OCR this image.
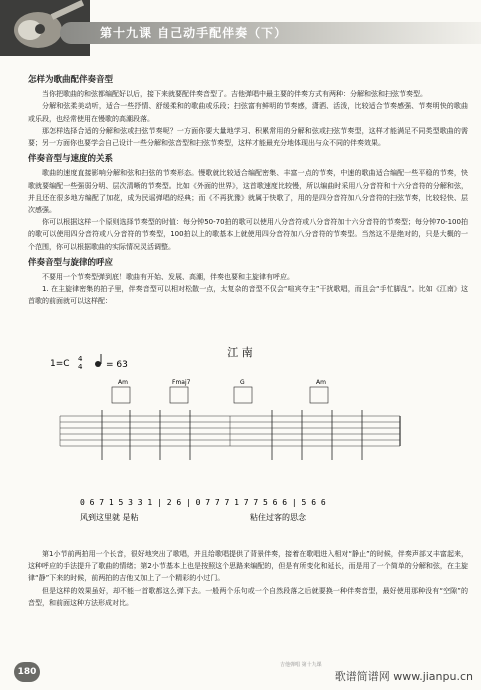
第十九课 自己动手配伴奏（下）
怎样为歌曲配伴奏音型

当你把歌曲的和弦都编配好以后，接下来就要配伴奏音型了。吉他弹唱中最主要的伴奏方式有两种：分解和弦和扫弦节奏型。

分解和弦柔美动听，适合一些抒情、舒缓柔和的歌曲或乐段；扫弦富有鲜明的节奏感，潇洒、活泼，比较适合节奏感强、节奏明快的歌曲或乐段，也经常使用在慢歌的高潮段落。

那怎样选择合适的分解和弦或扫弦节奏呢？一方面你要大量地学习、积累常用的分解和弦或扫弦节奏型，这样才能满足不同类型歌曲的需要；另一方面你也要学会自己设计一些分解和弦音型和扫弦节奏型，这样才能最充分地体现出与众不同的伴奏效果。

伴奏音型与速度的关系

歌曲的速度直接影响分解和弦和扫弦的节奏形态。慢歌就比较适合编配密集、丰富一点的节奏，中速的歌曲适合编配一些平稳的节奏，快歌就要编配一些强弱分明、层次清晰的节奏型。比如《外面的世界》，这首歌速度比较慢，所以编曲时采用八分音符和十六分音符的分解和弦，并且还在很多地方编配了加花，成为民谣弹唱的经典；而《不再犹豫》就属于快歌了，用的是四分音符加八分音符的扫弦节奏，比较轻快、层次感强。

你可以根据这样一个原则选择节奏型的时值：每分钟50-70拍的歌可以使用八分音符或八分音符加十六分音符的节奏型；每分钟70-100拍的歌可以使用四分音符或八分音符的节奏型，100拍以上的歌基本上就使用四分音符加八分音符的节奏型。当然这不是绝对的，只是大概的一个范围，你可以根据歌曲的实际情况灵活调整。

伴奏音型与旋律的呼应

不要用一个节奏型弹到底！歌曲有开始、发展、高潮，伴奏也要和主旋律有呼应。

1. 在主旋律密集的拍子里，伴奏音型可以相对松散一点，太复杂的音型不仅会“喧宾夺主”干扰歌唱，而且会“手忙脚乱”。比如《江南》这首歌的前面就可以这样配：

江 南
1=C 4
4	= 63
Am	Fmaj7	G	Am
0 6 7 1 5 3 3 1 | 2 6 | 0 7 7 7 1 7 7 5 6 6 | 5 6 6
风到这里就 是粘	粘住过客的思念

第1小节前两拍用一个长音，很好地突出了歌唱，并且给歌唱提供了背景伴奏，接着在歌唱进入相对“静止”的时候，伴奏声部又丰富起来，这种呼应的手法提升了歌曲的情绪；第2小节基本上也是按照这个思路来编配的，但是有所变化和延长，而是用了一个简单的分解和弦，在主旋律“静”下来的时候，前两拍的吉他又加上了一个精彩的小过门。

但是这样的效果虽好，却不能一首歌都这么弹下去。一般两个乐句或一个自然段落之后就要换一种伴奏音型，最好使用那种没有“空隙”的音型，和前面这种方法形成对比。

180
吉他弹唱 第十九课
歌谱简谱网 www.jianpu.cn
